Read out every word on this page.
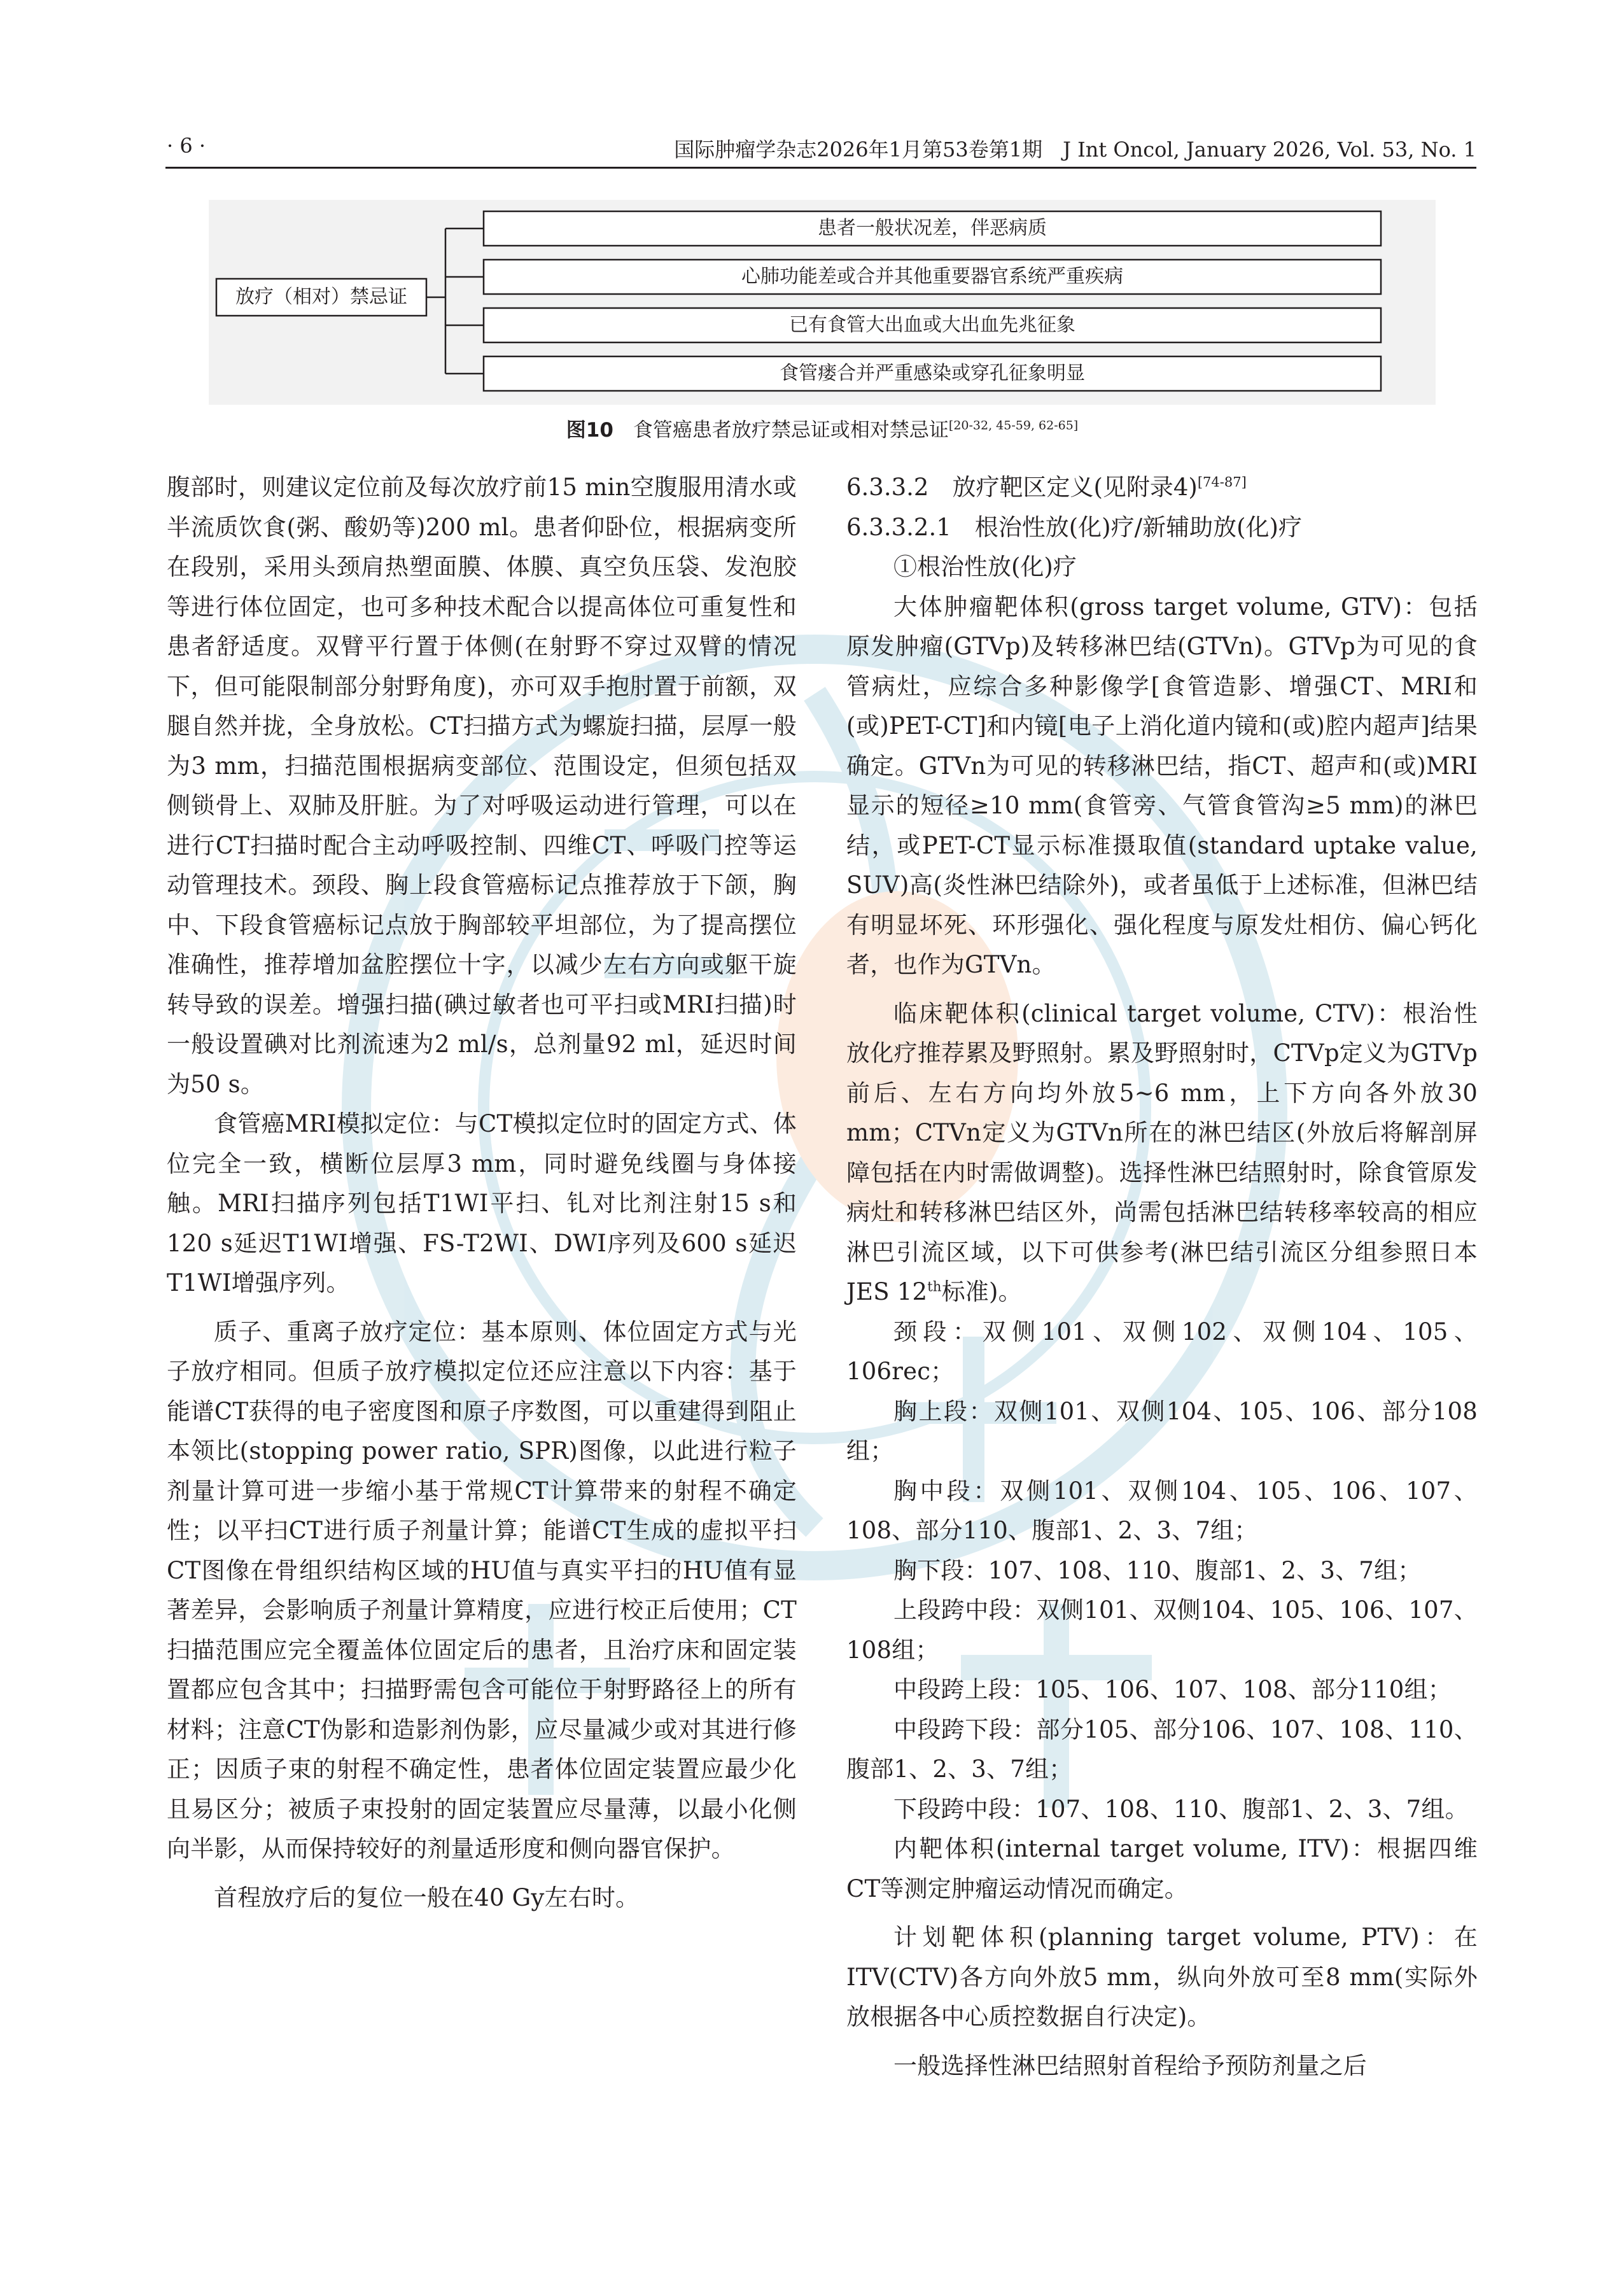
· 6 ·	国际肿瘤学杂志2026年1月第53卷第1期　J Int Oncol, January 2026, Vol. 53, No. 1
放疗（相对）禁忌证
患者一般状况差，伴恶病质
心肺功能差或合并其他重要器官系统严重疾病
已有食管大出血或大出血先兆征象
食管瘘合并严重感染或穿孔征象明显
图10　 食管癌患者放疗禁忌证或相对禁忌证[20-32, 45-59, 62-65]

腹部时，则建议定位前及每次放疗前15 min空腹服用清水或半流质饮食(粥、酸奶等)200 ml。患者仰卧位，根据病变所在段别，采用头颈肩热塑面膜、体膜、真空负压袋、发泡胶等进行体位固定，也可多种技术配合以提高体位可重复性和患者舒适度。双臂平行置于体侧(在射野不穿过双臂的情况下，但可能限制部分射野角度)，亦可双手抱肘置于前额，双腿自然并拢，全身放松。CT扫描方式为螺旋扫描，层厚一般为3 mm，扫描范围根据病变部位、范围设定，但须包括双侧锁骨上、双肺及肝脏。为了对呼吸运动进行管理，可以在进行CT扫描时配合主动呼吸控制、四维CT、呼吸门控等运动管理技术。颈段、胸上段食管癌标记点推荐放于下颌，胸中、下段食管癌标记点放于胸部较平坦部位，为了提高摆位准确性，推荐增加盆腔摆位十字，以减少左右方向或躯干旋转导致的误差。增强扫描(碘过敏者也可平扫或MRI扫描)时一般设置碘对比剂流速为2 ml/s，总剂量92 ml，延迟时间为50 s。

食管癌MRI模拟定位：与CT模拟定位时的固定方式、体位完全一致，横断位层厚3 mm，同时避免线圈与身体接触。MRI扫描序列包括T1WI平扫、钆对比剂注射15 s和120 s延迟T1WI增强、FS-T2WI、DWI序列及600 s延迟T1WI增强序列。

质子、重离子放疗定位：基本原则、体位固定方式与光子放疗相同。但质子放疗模拟定位还应注意以下内容：基于能谱CT获得的电子密度图和原子序数图，可以重建得到阻止本领比(stopping power ratio, SPR)图像，以此进行粒子剂量计算可进一步缩小基于常规CT计算带来的射程不确定性；以平扫CT进行质子剂量计算；能谱CT生成的虚拟平扫CT图像在骨组织结构区域的HU值与真实平扫的HU值有显著差异，会影响质子剂量计算精度，应进行校正后使用；CT扫描范围应完全覆盖体位固定后的患者，且治疗床和固定装置都应包含其中；扫描野需包含可能位于射野路径上的所有材料；注意CT伪影和造影剂伪影，应尽量减少或对其进行修正；因质子束的射程不确定性，患者体位固定装置应最少化且易区分；被质子束投射的固定装置应尽量薄，以最小化侧向半影，从而保持较好的剂量适形度和侧向器官保护。

首程放疗后的复位一般在40 Gy左右时。

6.3.3.2　放疗靶区定义(见附录4)[74-87]

6.3.3.2.1　根治性放(化)疗/新辅助放(化)疗

①根治性放(化)疗

大体肿瘤靶体积(gross target volume, GTV)：包括原发肿瘤(GTVp)及转移淋巴结(GTVn)。GTVp为可见的食管病灶，应综合多种影像学[食管造影、增强CT、MRI和(或)PET-CT]和内镜[电子上消化道内镜和(或)腔内超声]结果确定。GTVn为可见的转移淋巴结，指CT、超声和(或)MRI显示的短径≥10 mm(食管旁、气管食管沟≥5 mm)的淋巴结，或PET-CT显示标准摄取值(standard uptake value, SUV)高(炎性淋巴结除外)，或者虽低于上述标准，但淋巴结有明显坏死、环形强化、强化程度与原发灶相仿、偏心钙化者，也作为GTVn。

临床靶体积(clinical target volume, CTV)：根治性放化疗推荐累及野照射。累及野照射时，CTVp定义为GTVp前后、左右方向均外放5~6 mm，上下方向各外放30 mm；CTVn定义为GTVn所在的淋巴结区(外放后将解剖屏障包括在内时需做调整)。选择性淋巴结照射时，除食管原发病灶和转移淋巴结区外，尚需包括淋巴结转移率较高的相应淋巴引流区域，以下可供参考(淋巴结引流区分组参照日本JES 12th标准)。

颈段：双侧101、双侧102、双侧104、105、106rec；

胸上段：双侧101、双侧104、105、106、部分108组；

胸中段：双侧101、双侧104、105、106、107、108、部分110、腹部1、2、3、7组；

胸下段：107、108、110、腹部1、2、3、7组；

上段跨中段：双侧101、双侧104、105、106、107、108组；

中段跨上段：105、106、107、108、部分110组；

中段跨下段：部分105、部分106、107、108、110、腹部1、2、3、7组；

下段跨中段：107、108、110、腹部1、2、3、7组。

内靶体积(internal target volume, ITV)：根据四维CT等测定肿瘤运动情况而确定。

计划靶体积(planning target volume, PTV)：在ITV(CTV)各方向外放5 mm，纵向外放可至8 mm(实际外放根据各中心质控数据自行决定)。

一般选择性淋巴结照射首程给予预防剂量之后
